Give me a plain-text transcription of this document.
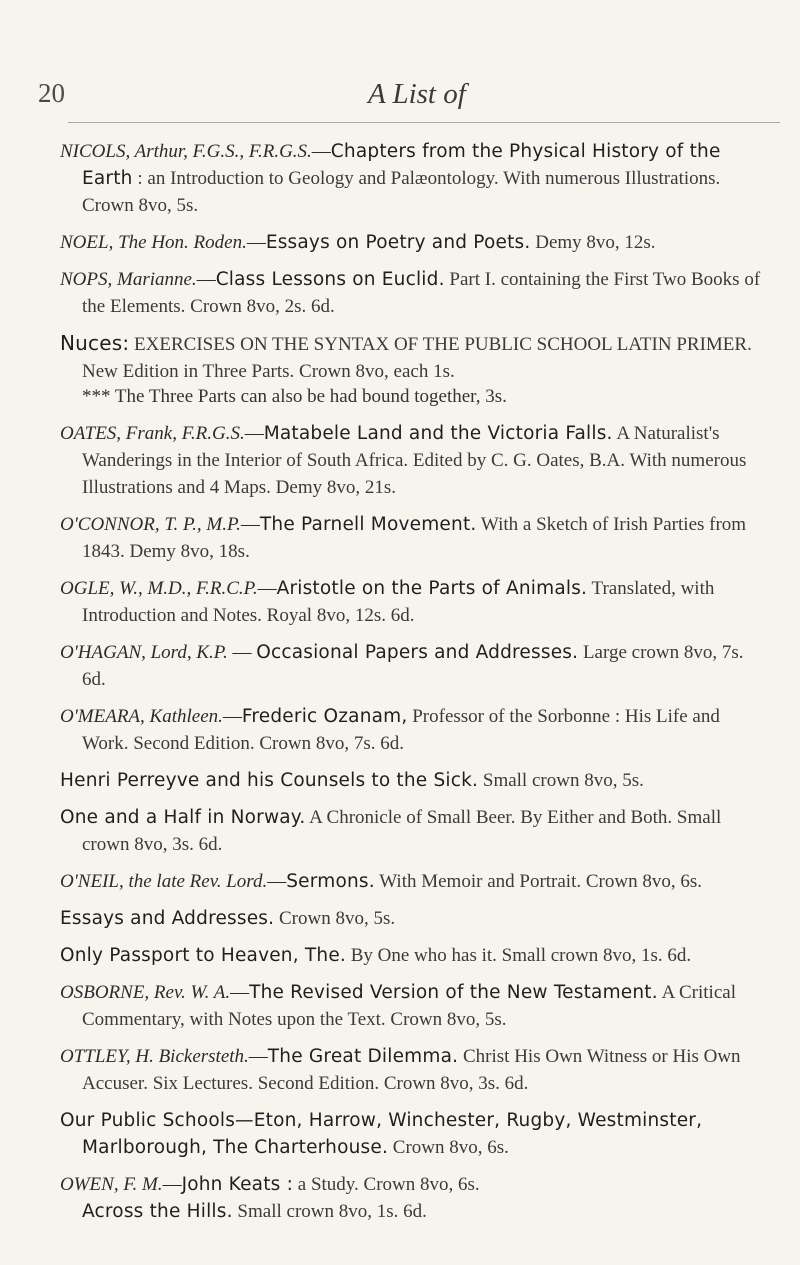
20	A List of
NICOLS, Arthur, F.G.S., F.R.G.S.—Chapters from the Physical History of the Earth : an Introduction to Geology and Palæontology. With numerous Illustrations. Crown 8vo, 5s.
NOEL, The Hon. Roden.—Essays on Poetry and Poets. Demy 8vo, 12s.
NOPS, Marianne.—Class Lessons on Euclid. Part I. containing the First Two Books of the Elements. Crown 8vo, 2s. 6d.
Nuces: EXERCISES ON THE SYNTAX OF THE PUBLIC SCHOOL LATIN PRIMER. New Edition in Three Parts. Crown 8vo, each 1s.
*** The Three Parts can also be had bound together, 3s.
OATES, Frank, F.R.G.S.—Matabele Land and the Victoria Falls. A Naturalist's Wanderings in the Interior of South Africa. Edited by C. G. Oates, B.A. With numerous Illustrations and 4 Maps. Demy 8vo, 21s.
O'CONNOR, T. P., M.P.—The Parnell Movement. With a Sketch of Irish Parties from 1843. Demy 8vo, 18s.
OGLE, W., M.D., F.R.C.P.—Aristotle on the Parts of Animals. Translated, with Introduction and Notes. Royal 8vo, 12s. 6d.
O'HAGAN, Lord, K.P. — Occasional Papers and Addresses. Large crown 8vo, 7s. 6d.
O'MEARA, Kathleen.—Frederic Ozanam, Professor of the Sorbonne : His Life and Work. Second Edition. Crown 8vo, 7s. 6d.
Henri Perreyve and his Counsels to the Sick. Small crown 8vo, 5s.
One and a Half in Norway. A Chronicle of Small Beer. By Either and Both. Small crown 8vo, 3s. 6d.
O'NEIL, the late Rev. Lord.—Sermons. With Memoir and Portrait. Crown 8vo, 6s.
Essays and Addresses. Crown 8vo, 5s.
Only Passport to Heaven, The. By One who has it. Small crown 8vo, 1s. 6d.
OSBORNE, Rev. W. A.—The Revised Version of the New Testament. A Critical Commentary, with Notes upon the Text. Crown 8vo, 5s.
OTTLEY, H. Bickersteth.—The Great Dilemma. Christ His Own Witness or His Own Accuser. Six Lectures. Second Edition. Crown 8vo, 3s. 6d.
Our Public Schools—Eton, Harrow, Winchester, Rugby, Westminster, Marlborough, The Charterhouse. Crown 8vo, 6s.
OWEN, F. M.—John Keats : a Study. Crown 8vo, 6s.
Across the Hills. Small crown 8vo, 1s. 6d.
